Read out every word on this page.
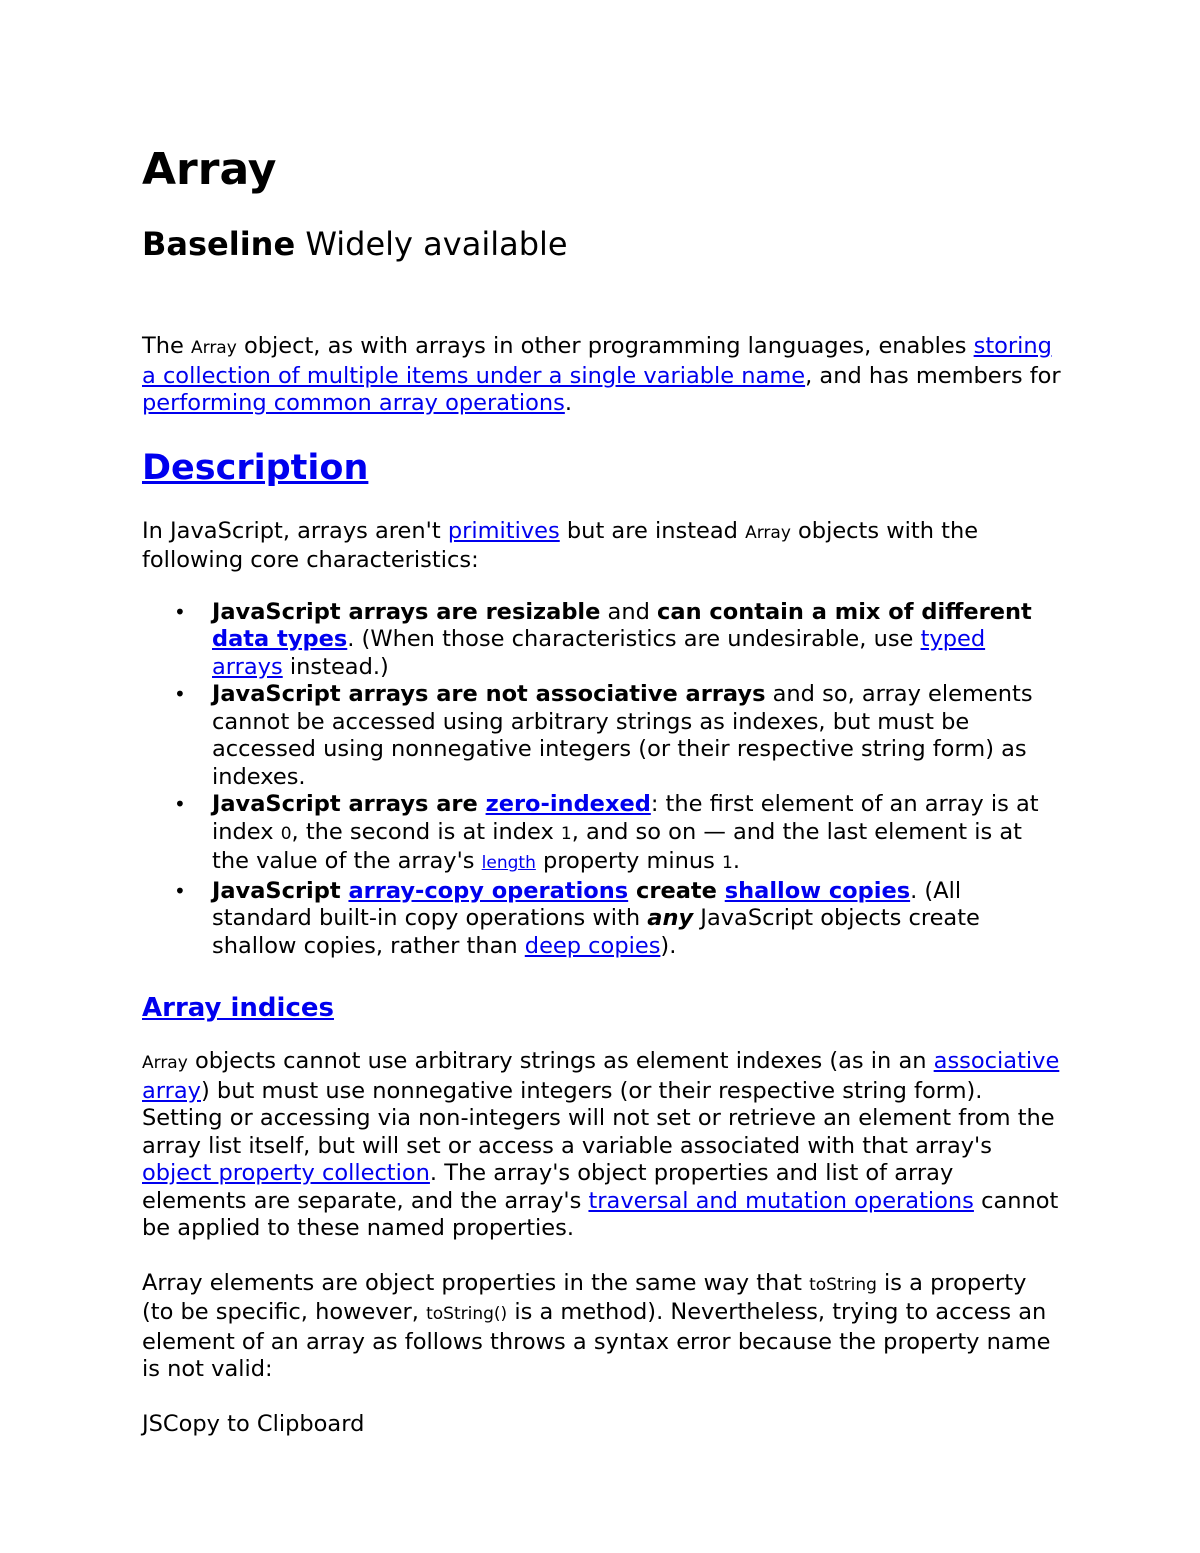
Array
Baseline Widely available

The Array object, as with arrays in other programming languages, enables storing a collection of multiple items under a single variable name, and has members for performing common array operations.

Description

In JavaScript, arrays aren't primitives but are instead Array objects with the following core characteristics:

• JavaScript arrays are resizable and can contain a mix of different data types. (When those characteristics are undesirable, use typed arrays instead.)
• JavaScript arrays are not associative arrays and so, array elements cannot be accessed using arbitrary strings as indexes, but must be accessed using nonnegative integers (or their respective string form) as indexes.
• JavaScript arrays are zero-indexed: the first element of an array is at index 0, the second is at index 1, and so on — and the last element is at the value of the array's length property minus 1.
• JavaScript array-copy operations create shallow copies. (All standard built-in copy operations with any JavaScript objects create shallow copies, rather than deep copies).
Array indices

Array objects cannot use arbitrary strings as element indexes (as in an associative array) but must use nonnegative integers (or their respective string form). Setting or accessing via non-integers will not set or retrieve an element from the array list itself, but will set or access a variable associated with that array's object property collection. The array's object properties and list of array elements are separate, and the array's traversal and mutation operations cannot be applied to these named properties.

Array elements are object properties in the same way that toString is a property (to be specific, however, toString() is a method). Nevertheless, trying to access an element of an array as follows throws a syntax error because the property name is not valid:

JSCopy to Clipboard
